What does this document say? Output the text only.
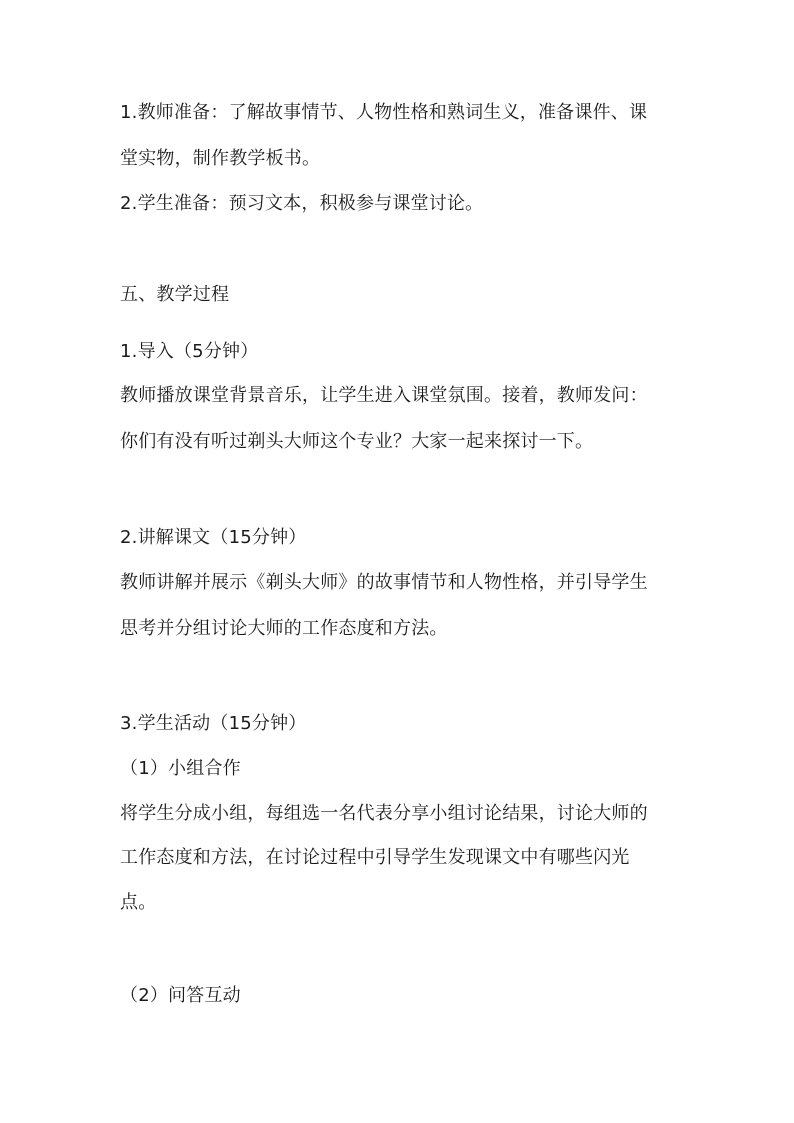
1.教师准备：了解故事情节、人物性格和熟词生义，准备课件、课
堂实物，制作教学板书。
2.学生准备：预习文本，积极参与课堂讨论。
五、教学过程
1.导入（5分钟）
教师播放课堂背景音乐，让学生进入课堂氛围。接着，教师发问：
你们有没有听过剃头大师这个专业？大家一起来探讨一下。
2.讲解课文（15分钟）
教师讲解并展示《剃头大师》的故事情节和人物性格，并引导学生
思考并分组讨论大师的工作态度和方法。
3.学生活动（15分钟）
（1）小组合作
将学生分成小组，每组选一名代表分享小组讨论结果，讨论大师的
工作态度和方法，在讨论过程中引导学生发现课文中有哪些闪光
点。
（2）问答互动
